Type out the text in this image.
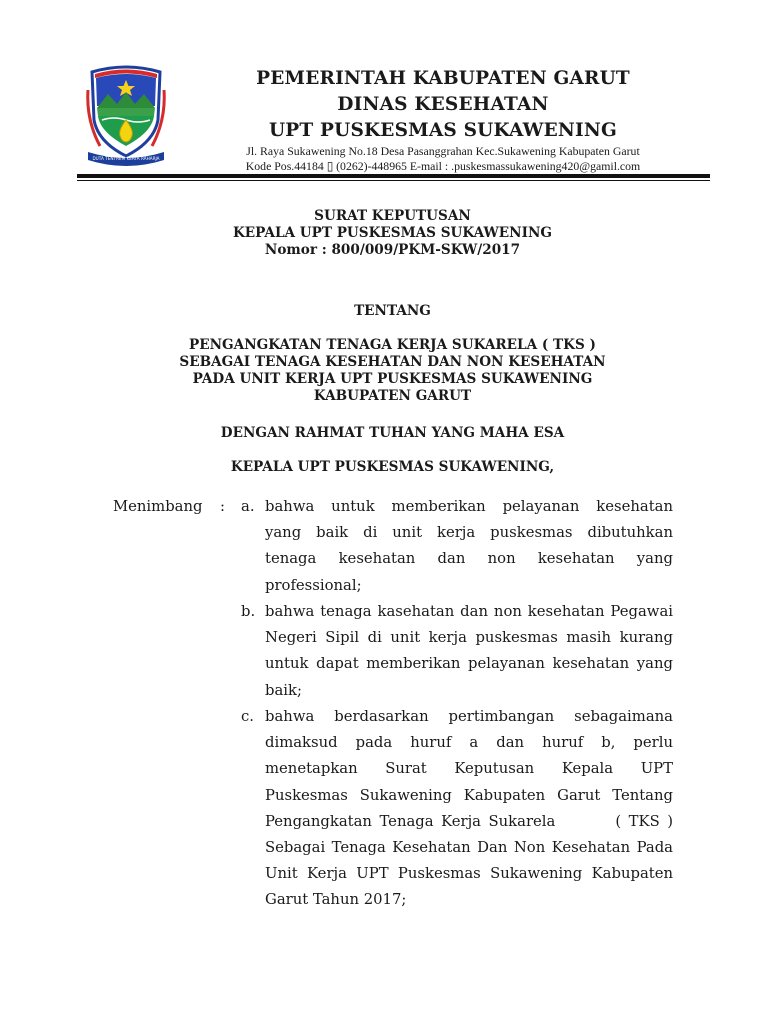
DUTA TENTREM KERTA RAHARJA
PEMERINTAH KABUPATEN GARUT
DINAS KESEHATAN
UPT PUSKESMAS SUKAWENING
Jl. Raya Sukawening No.18 Desa Pasanggrahan Kec.Sukawening Kabupaten Garut
Kode Pos.44184 ▯ (0262)-448965 E-mail : .puskesmassukawening420@gamil.com
SURAT KEPUTUSAN
KEPALA UPT PUSKESMAS SUKAWENING
Nomor : 800/009/PKM-SKW/2017
TENTANG
PENGANGKATAN TENAGA KERJA SUKARELA ( TKS )
SEBAGAI TENAGA KESEHATAN DAN NON KESEHATAN
PADA UNIT KERJA UPT PUSKESMAS SUKAWENING
KABUPATEN GARUT
DENGAN RAHMAT TUHAN YANG MAHA ESA
KEPALA UPT PUSKESMAS SUKAWENING,
Menimbang : a. bahwa untuk memberikan pelayanan kesehatan
yang baik di unit kerja puskesmas dibutuhkan
tenaga kesehatan dan non kesehatan yang
professional;
b. bahwa tenaga kasehatan dan non kesehatan Pegawai
Negeri Sipil di unit kerja puskesmas masih kurang
untuk dapat memberikan pelayanan kesehatan yang
baik;
c. bahwa berdasarkan pertimbangan sebagaimana
dimaksud pada huruf a dan huruf b, perlu
menetapkan Surat Keputusan Kepala UPT
Puskesmas Sukawening Kabupaten Garut Tentang
Pengangkatan Tenaga Kerja Sukarela        ( TKS )
Sebagai Tenaga Kesehatan Dan Non Kesehatan Pada
Unit Kerja UPT Puskesmas Sukawening Kabupaten
Garut Tahun 2017;
